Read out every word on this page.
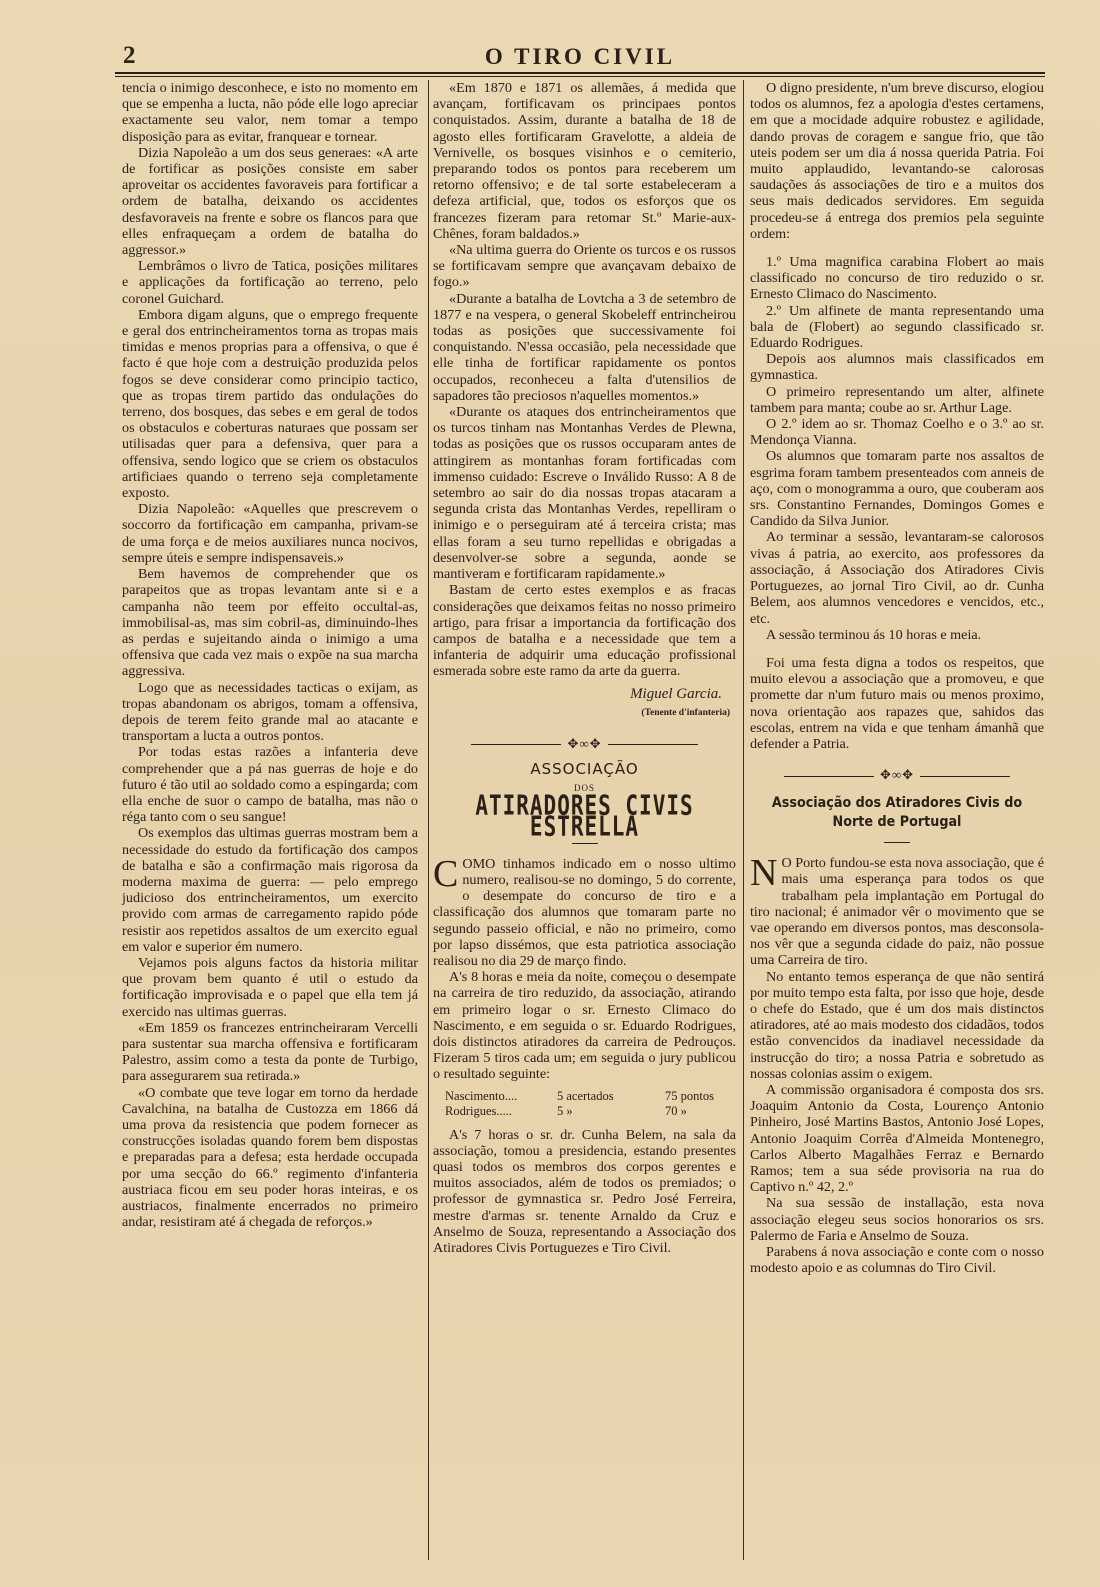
2	O TIRO CIVIL

tencia o inimigo desconhece, e isto no momento em que se empenha a lucta, não póde elle logo apreciar exactamente seu valor, nem tomar a tempo disposição para as evitar, franquear e tornear.

Dizia Napoleão a um dos seus generaes: «A arte de fortificar as posições consiste em saber aproveitar os accidentes favoraveis para fortificar a ordem de batalha, deixando os accidentes desfavoraveis na frente e sobre os flancos para que elles enfraqueçam a ordem de batalha do aggressor.»

Lembrâmos o livro de Tatica, posições militares e applicações da fortificação ao terreno, pelo coronel Guichard.

Embora digam alguns, que o emprego frequente e geral dos entrincheiramentos torna as tropas mais timidas e menos proprias para a offensiva, o que é facto é que hoje com a destruição produzida pelos fogos se deve considerar como principio tactico, que as tropas tirem partido das ondulações do terreno, dos bosques, das sebes e em geral de todos os obstaculos e coberturas naturaes que possam ser utilisadas quer para a defensiva, quer para a offensiva, sendo logico que se criem os obstaculos artificiaes quando o terreno seja completamente exposto.

Dizia Napoleão: «Aquelles que prescrevem o soccorro da fortificação em campanha, privam-se de uma força e de meios auxiliares nunca nocivos, sempre úteis e sempre indispensaveis.»

Bem havemos de comprehender que os parapeitos que as tropas levantam ante si e a campanha não teem por effeito occultal-as, immobilisal-as, mas sim cobril-as, diminuindo-lhes as perdas e sujeitando ainda o inimigo a uma offensiva que cada vez mais o expõe na sua marcha aggressiva.

Logo que as necessidades tacticas o exijam, as tropas abandonam os abrigos, tomam a offensiva, depois de terem feito grande mal ao atacante e transportam a lucta a outros pontos.

Por todas estas razões a infanteria deve comprehender que a pá nas guerras de hoje e do futuro é tão util ao soldado como a espingarda; com ella enche de suor o campo de batalha, mas não o réga tanto com o seu sangue!

Os exemplos das ultimas guerras mostram bem a necessidade do estudo da fortificação dos campos de batalha e são a confirmação mais rigorosa da moderna maxima de guerra: — pelo emprego judicioso dos entrincheiramentos, um exercito provido com armas de carregamento rapido póde resistir aos repetidos assaltos de um exercito egual em valor e superior ém numero.

Vejamos pois alguns factos da historia militar que provam bem quanto é util o estudo da fortificação improvisada e o papel que ella tem já exercido nas ultimas guerras.

«Em 1859 os francezes entrincheiraram Vercelli para sustentar sua marcha offensiva e fortificaram Palestro, assim como a testa da ponte de Turbigo, para assegurarem sua retirada.»

«O combate que teve logar em torno da herdade Cavalchina, na batalha de Custozza em 1866 dá uma prova da resistencia que podem fornecer as construcções isoladas quando forem bem dispostas e preparadas para a defesa; esta herdade occupada por uma secção do 66.º regimento d'infanteria austriaca ficou em seu poder horas inteiras, e os austriacos, finalmente encerrados no primeiro andar, resistiram até á chegada de reforços.»

«Em 1870 e 1871 os allemães, á medida que avançam, fortificavam os principaes pontos conquistados. Assim, durante a batalha de 18 de agosto elles fortificaram Gravelotte, a aldeia de Vernivelle, os bosques visinhos e o cemiterio, preparando todos os pontos para receberem um retorno offensivo; e de tal sorte estabeleceram a defeza artificial, que, todos os esforços que os francezes fizeram para retomar St.º Marie-aux-Chênes, foram baldados.»

«Na ultima guerra do Oriente os turcos e os russos se fortificavam sempre que avançavam debaixo de fogo.»

«Durante a batalha de Lovtcha a 3 de setembro de 1877 e na vespera, o general Skobeleff entrincheirou todas as posições que successivamente foi conquistando. N'essa occasião, pela necessidade que elle tinha de fortificar rapidamente os pontos occupados, reconheceu a falta d'utensilios de sapadores tão preciosos n'aquelles momentos.»

«Durante os ataques dos entrincheiramentos que os turcos tinham nas Montanhas Verdes de Plewna, todas as posições que os russos occuparam antes de attingirem as montanhas foram fortificadas com immenso cuidado: Escreve o Inválido Russo: A 8 de setembro ao sair do dia nossas tropas atacaram a segunda crista das Montanhas Verdes, repelliram o inimigo e o perseguiram até á terceira crista; mas ellas foram a seu turno repellidas e obrigadas a desenvolver-se sobre a segunda, aonde se mantiveram e fortificaram rapidamente.»

Bastam de certo estes exemplos e as fracas considerações que deixamos feitas no nosso primeiro artigo, para frisar a importancia da fortificação dos campos de batalha e a necessidade que tem a infanteria de adquirir uma educação profissional esmerada sobre este ramo da arte da guerra.

Miguel Garcia.
(Tenente d'infanteria)
✥∞✥
ASSOCIAÇÃO
DOS
ATIRADORES CIVIS ESTRELLA

COMO tinhamos indicado em o nosso ultimo numero, realisou-se no domingo, 5 do corrente, o desempate do concurso de tiro e a classificação dos alumnos que tomaram parte no segundo passeio official, e não no primeiro, como por lapso dissémos, que esta patriotica associação realisou no dia 29 de março findo.

A's 8 horas e meia da noite, começou o desempate na carreira de tiro reduzido, da associação, atirando em primeiro logar o sr. Ernesto Climaco do Nascimento, e em seguida o sr. Eduardo Rodrigues, dois distinctos atiradores da carreira de Pedrouços. Fizeram 5 tiros cada um; em seguida o jury publicou o resultado seguinte:

Nascimento....	5 acertados	75 pontos
Rodrigues.....	5 »	70 »

A's 7 horas o sr. dr. Cunha Belem, na sala da associação, tomou a presidencia, estando presentes quasi todos os membros dos corpos gerentes e muitos associados, além de todos os premiados; o professor de gymnastica sr. Pedro José Ferreira, mestre d'armas sr. tenente Arnaldo da Cruz e Anselmo de Souza, representando a Associação dos Atiradores Civis Portuguezes e Tiro Civil.

O digno presidente, n'um breve discurso, elogiou todos os alumnos, fez a apologia d'estes certamens, em que a mocidade adquire robustez e agilidade, dando provas de coragem e sangue frio, que tão uteis podem ser um dia á nossa querida Patria. Foi muito applaudido, levantando-se calorosas saudações ás associações de tiro e a muitos dos seus mais dedicados servidores. Em seguida procedeu-se á entrega dos premios pela seguinte ordem:

1.º Uma magnifica carabina Flobert ao mais classificado no concurso de tiro reduzido o sr. Ernesto Climaco do Nascimento.

2.º Um alfinete de manta representando uma bala de (Flobert) ao segundo classificado sr. Eduardo Rodrigues.

Depois aos alumnos mais classificados em gymnastica.

O primeiro representando um alter, alfinete tambem para manta; coube ao sr. Arthur Lage.

O 2.º idem ao sr. Thomaz Coelho e o 3.º ao sr. Mendonça Vianna.

Os alumnos que tomaram parte nos assaltos de esgrima foram tambem presenteados com anneis de aço, com o monogramma a ouro, que couberam aos srs. Constantino Fernandes, Domingos Gomes e Candido da Silva Junior.

Ao terminar a sessão, levantaram-se calorosos vivas á patria, ao exercito, aos professores da associação, á Associação dos Atiradores Civis Portuguezes, ao jornal Tiro Civil, ao dr. Cunha Belem, aos alumnos vencedores e vencidos, etc., etc.

A sessão terminou ás 10 horas e meia.

Foi uma festa digna a todos os respeitos, que muito elevou a associação que a promoveu, e que promette dar n'um futuro mais ou menos proximo, nova orientação aos rapazes que, sahidos das escolas, entrem na vida e que tenham ámanhã que defender a Patria.

✥∞✥
Associação dos Atiradores Civis do Norte de Portugal

N O Porto fundou-se esta nova associação, que é mais uma esperança para todos os que trabalham pela implantação em Portugal do tiro nacional; é animador vêr o movimento que se vae operando em diversos pontos, mas desconsola-nos vêr que a segunda cidade do paiz, não possue uma Carreira de tiro.

No entanto temos esperança de que não sentirá por muito tempo esta falta, por isso que hoje, desde o chefe do Estado, que é um dos mais distinctos atiradores, até ao mais modesto dos cidadãos, todos estão convencidos da inadiavel necessidade da instrucção do tiro; a nossa Patria e sobretudo as nossas colonias assim o exigem.

A commissão organisadora é composta dos srs. Joaquim Antonio da Costa, Lourenço Antonio Pinheiro, José Martins Bastos, Antonio José Lopes, Antonio Joaquim Corrêa d'Almeida Montenegro, Carlos Alberto Magalhães Ferraz e Bernardo Ramos; tem a sua séde provisoria na rua do Captivo n.º 42, 2.º

Na sua sessão de installação, esta nova associação elegeu seus socios honorarios os srs. Palermo de Faria e Anselmo de Souza.

Parabens á nova associação e conte com o nosso modesto apoio e as columnas do Tiro Civil.
